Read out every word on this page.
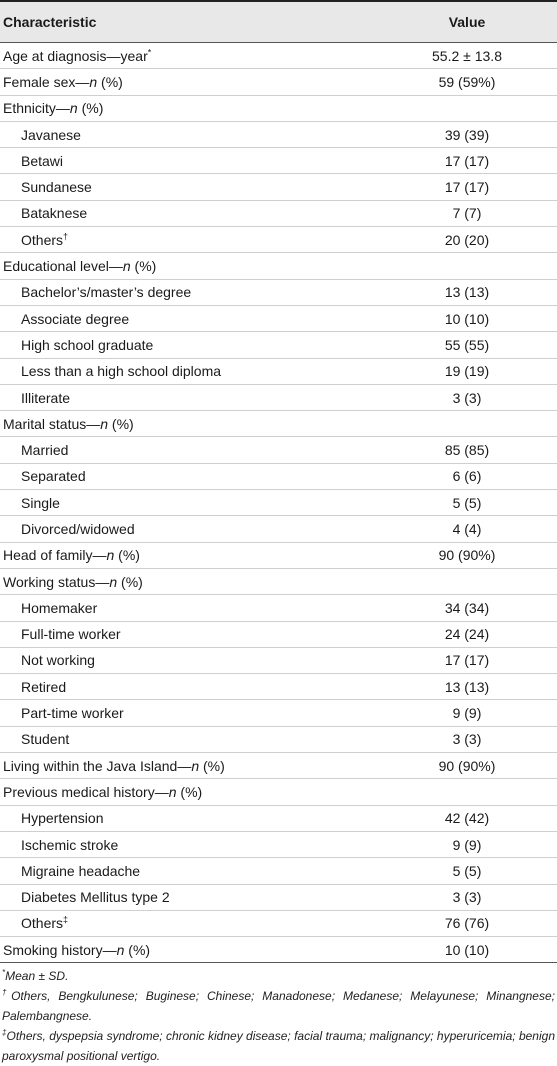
Characteristic	Value
Age at diagnosis—year*	55.2 ± 13.8
Female sex—n (%)	59 (59%)
Ethnicity—n (%)	
Javanese	39 (39)
Betawi	17 (17)
Sundanese	17 (17)
Bataknese	7 (7)
Others†	20 (20)
Educational level—n (%)	
Bachelor’s/master’s degree	13 (13)
Associate degree	10 (10)
High school graduate	55 (55)
Less than a high school diploma	19 (19)
Illiterate	3 (3)
Marital status—n (%)	
Married	85 (85)
Separated	6 (6)
Single	5 (5)
Divorced/widowed	4 (4)
Head of family—n (%)	90 (90%)
Working status—n (%)	
Homemaker	34 (34)
Full-time worker	24 (24)
Not working	17 (17)
Retired	13 (13)
Part-time worker	9 (9)
Student	3 (3)
Living within the Java Island—n (%)	90 (90%)
Previous medical history—n (%)	
Hypertension	42 (42)
Ischemic stroke	9 (9)
Migraine headache	5 (5)
Diabetes Mellitus type 2	3 (3)
Others‡	76 (76)
Smoking history—n (%)	10 (10)

*Mean ± SD.

†Others, Bengkulunese; Buginese; Chinese; Manadonese; Medanese; Melayunese; Minangnese; Palembangnese.

‡Others, dyspepsia syndrome; chronic kidney disease; facial trauma; malignancy; hyperuricemia; benign paroxysmal positional vertigo.
